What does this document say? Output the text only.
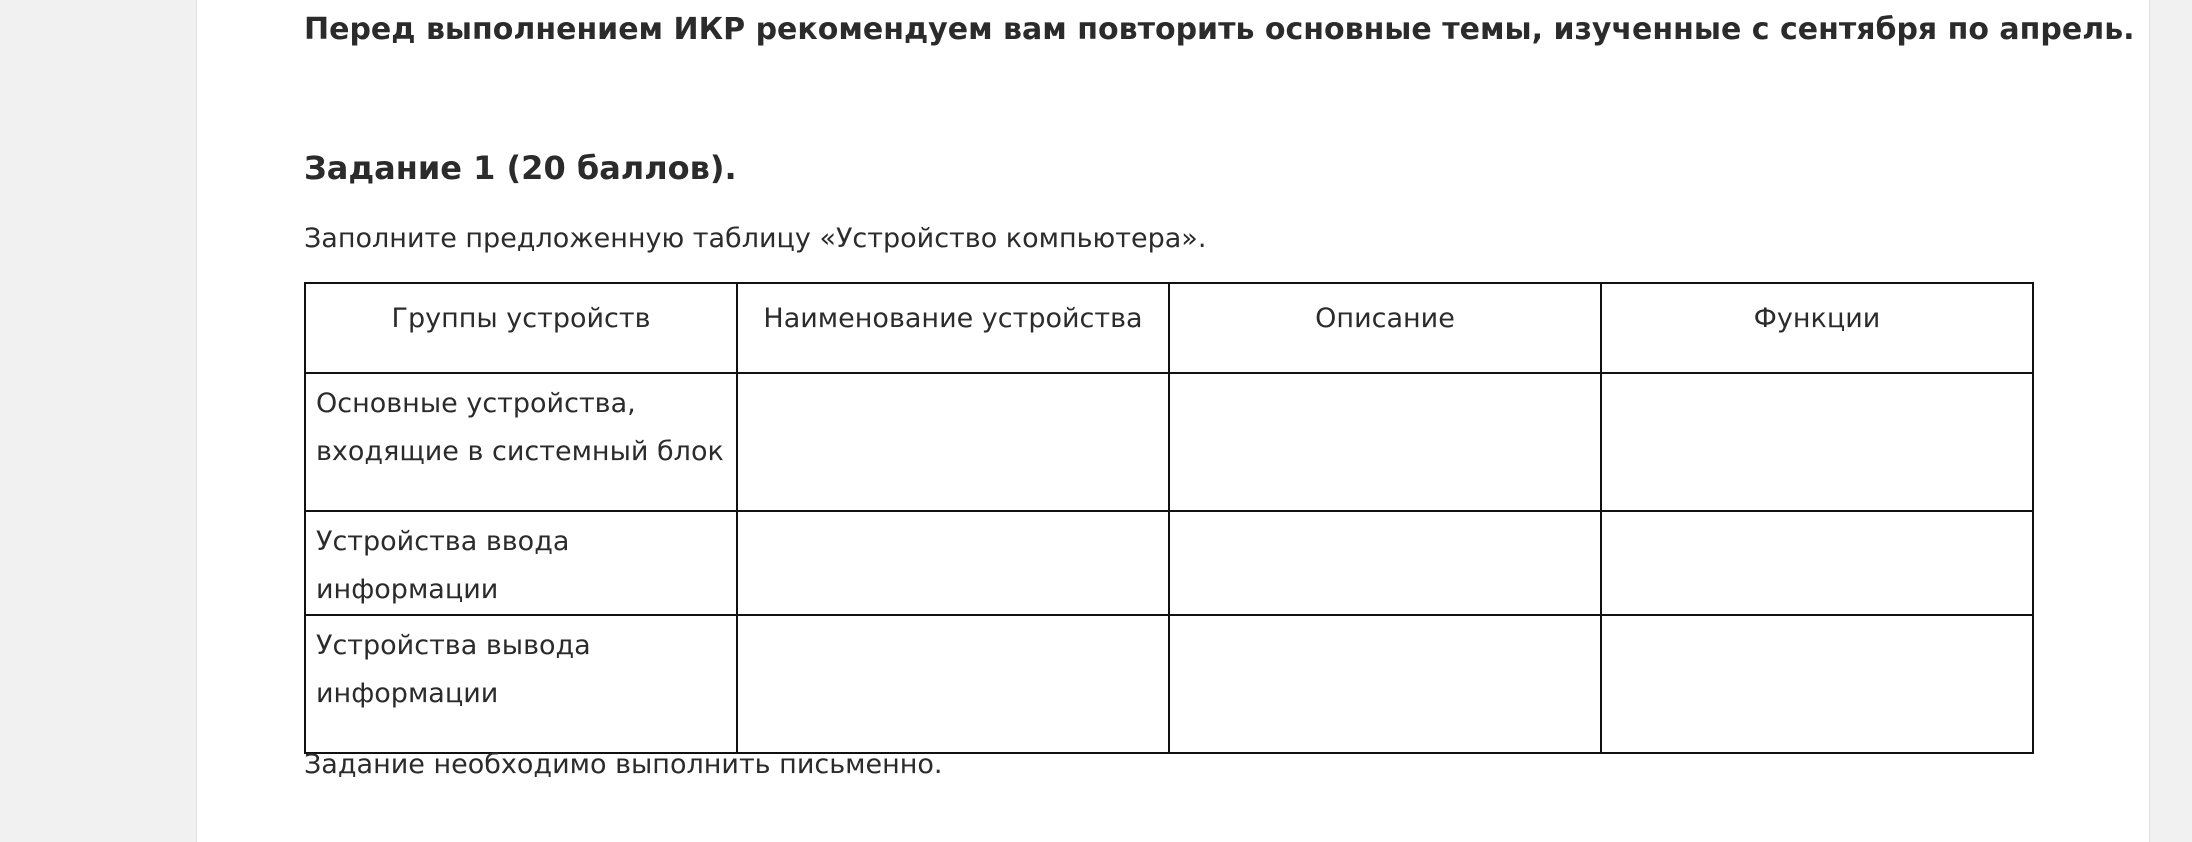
Перед выполнением ИКР рекомендуем вам повторить основные темы, изученные с сентября по апрель.

Задание 1 (20 баллов).

Заполните предложенную таблицу «Устройство компьютера».

Группы устройств	Наименование устройства	Описание	Функции
Основные устройства, входящие в системный блок			
Устройства ввода информации			
Устройства вывода информации			

Задание необходимо выполнить письменно.
